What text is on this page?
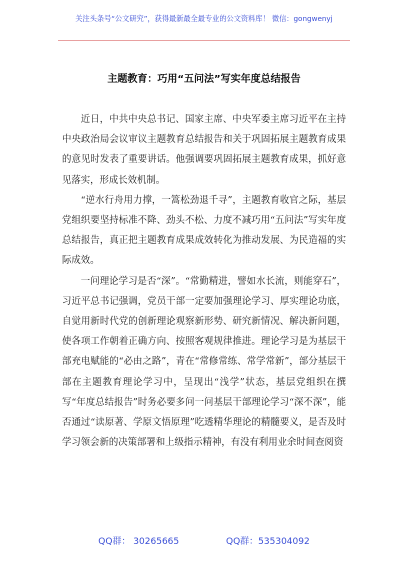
关注头条号“公文研究”，获得最新最全最专业的公文资料库！ 微信：gongwenyj
主题教育：巧用“五问法”写实年度总结报告

近日，中共中央总书记、国家主席、中央军委主席习近平在主持中央政治局会议审议主题教育总结报告和关于巩固拓展主题教育成果的意见时发表了重要讲话。他强调要巩固拓展主题教育成果，抓好意见落实，形成长效机制。

“逆水行舟用力撑，一篙松劲退千寻”，主题教育收官之际，基层党组织要坚持标准不降、劲头不松、力度不减巧用“五问法”写实年度总结报告，真正把主题教育成果成效转化为推动发展、为民造福的实际成效。

一问理论学习是否“深”。“常勤精进，譬如水长流，则能穿石”，习近平总书记强调，党员干部一定要加强理论学习、厚实理论功底，自觉用新时代党的创新理论观察新形势、研究新情况、解决新问题，使各项工作朝着正确方向、按照客观规律推进。理论学习是为基层干部充电赋能的“必由之路”，青在“常修常练、常学常新”，部分基层干部在主题教育理论学习中，呈现出“浅学”状态，基层党组织在撰写“年度总结报告”时务必要多问一问基层干部理论学习“深不深”，能否通过“读原著、学原文悟原理”吃透精华理论的精髓要义，是否及时学习领会新的决策部署和上级指示精神，有没有利用业余时间查阅资

QQ群： 30265665	QQ群：535304092
